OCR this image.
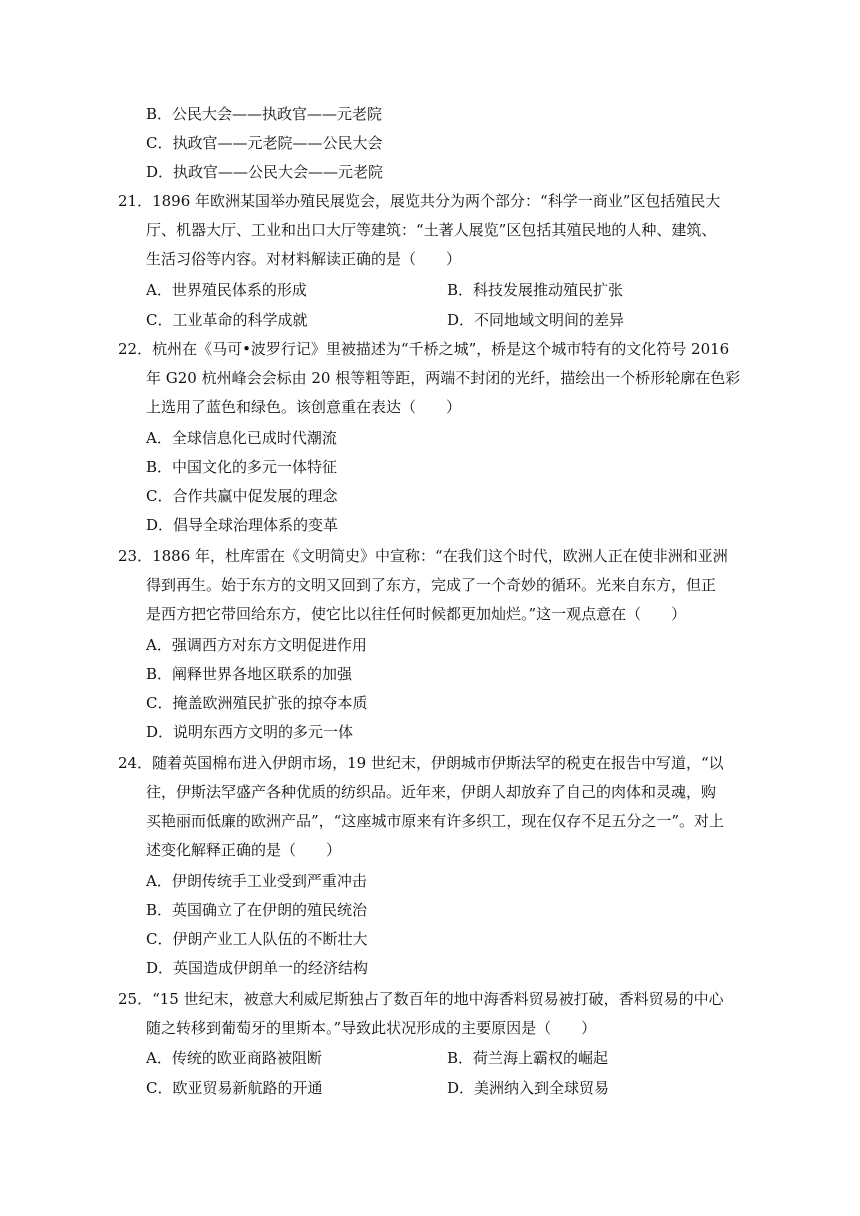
B．公民大会——执政官——元老院
C．执政官——元老院——公民大会
D．执政官——公民大会——元老院
21．1896 年欧洲某国举办殖民展览会，展览共分为两个部分：“科学一商业”区包括殖民大
厅、机器大厅、工业和出口大厅等建筑：“土著人展览”区包括其殖民地的人种、建筑、
生活习俗等内容。对材料解读正确的是（　　）
A．世界殖民体系的形成	B．科技发展推动殖民扩张
C．工业革命的科学成就	D．不同地域文明间的差异
22．杭州在《马可•波罗行记》里被描述为“千桥之城”，桥是这个城市特有的文化符号 2016
年 G20 杭州峰会会标由 20 根等粗等距，两端不封闭的光纤，描绘出一个桥形轮廓在色彩
上选用了蓝色和绿色。该创意重在表达（　　）
A．全球信息化已成时代潮流
B．中国文化的多元一体特征
C．合作共赢中促发展的理念
D．倡导全球治理体系的变革
23．1886 年，杜库雷在《文明简史》中宣称：“在我们这个时代，欧洲人正在使非洲和亚洲
得到再生。始于东方的文明又回到了东方，完成了一个奇妙的循环。光来自东方，但正
是西方把它带回给东方，使它比以往任何时候都更加灿烂。”这一观点意在（　　）
A．强调西方对东方文明促进作用
B．阐释世界各地区联系的加强
C．掩盖欧洲殖民扩张的掠夺本质
D．说明东西方文明的多元一体
24．随着英国棉布进入伊朗市场，19 世纪末，伊朗城市伊斯法罕的税吏在报告中写道，“以
往，伊斯法罕盛产各种优质的纺织品。近年来，伊朗人却放弃了自己的肉体和灵魂，购
买艳丽而低廉的欧洲产品”，“这座城市原来有许多织工，现在仅存不足五分之一”。对上
述变化解释正确的是（　　）
A．伊朗传统手工业受到严重冲击
B．英国确立了在伊朗的殖民统治
C．伊朗产业工人队伍的不断壮大
D．英国造成伊朗单一的经济结构
25．“15 世纪末，被意大利威尼斯独占了数百年的地中海香料贸易被打破，香料贸易的中心
随之转移到葡萄牙的里斯本。”导致此状况形成的主要原因是（　　）
A．传统的欧亚商路被阻断	B．荷兰海上霸权的崛起
C．欧亚贸易新航路的开通	D．美洲纳入到全球贸易
